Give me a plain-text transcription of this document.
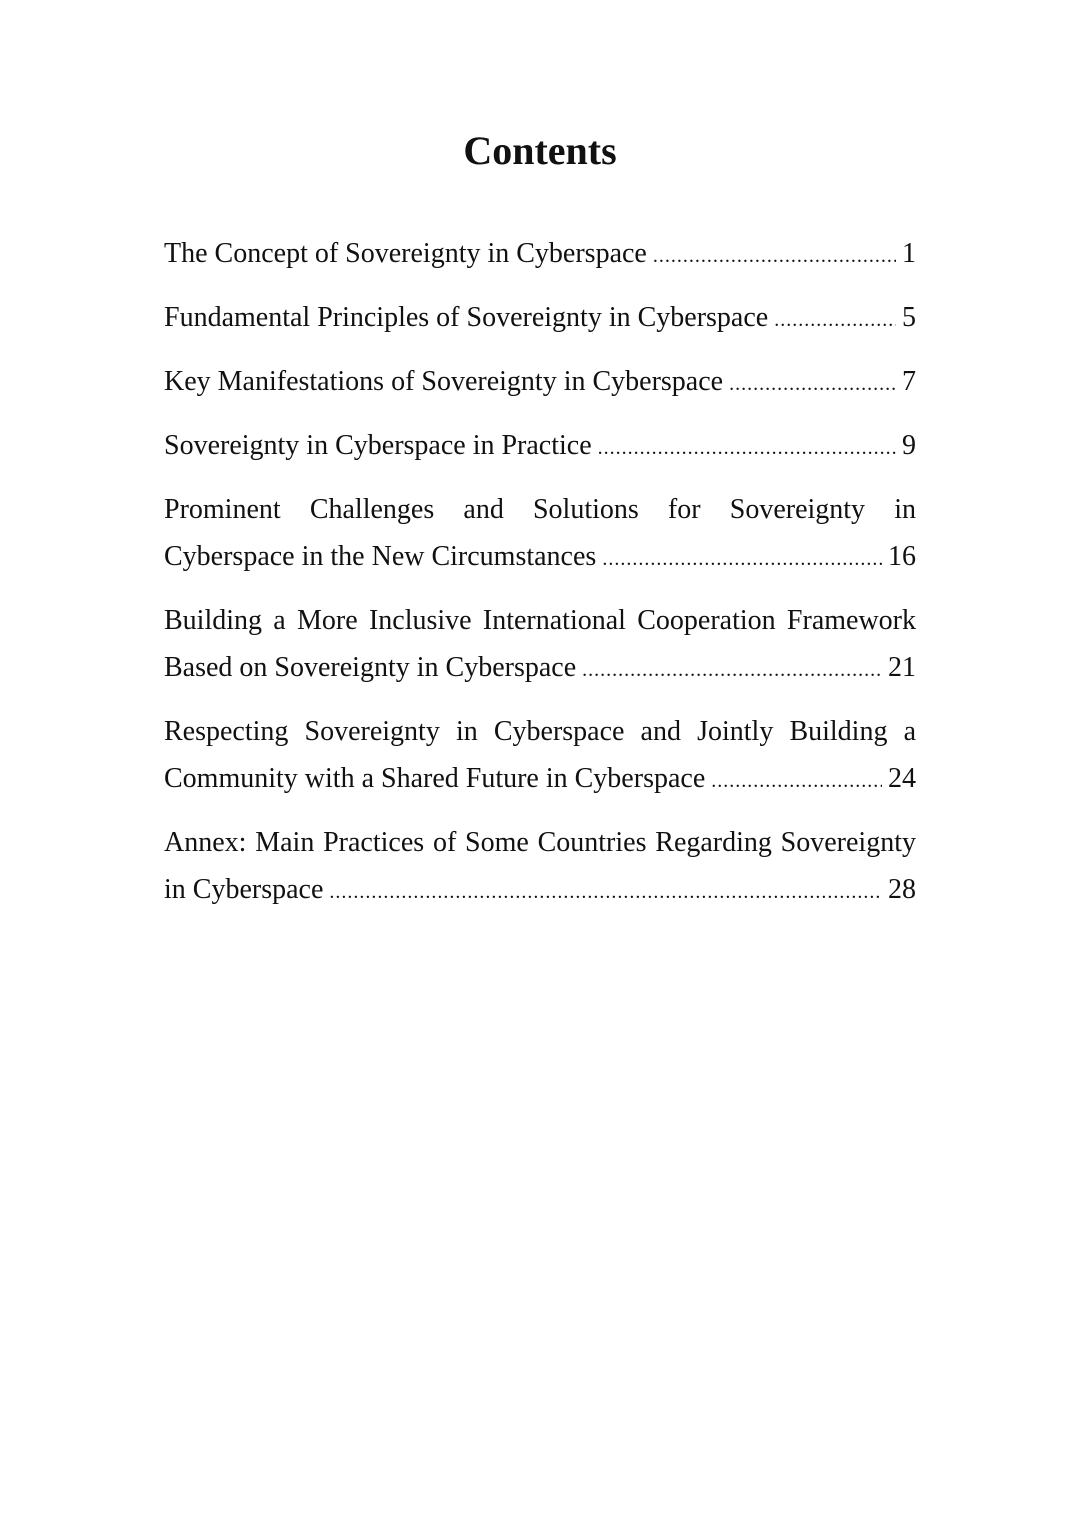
Contents
The Concept of Sovereignty in Cyberspace .....	1
Fundamental Principles of Sovereignty in Cyberspace .....	5
Key Manifestations of Sovereignty in Cyberspace .....	7
Sovereignty in Cyberspace in Practice .....	9
Prominent Challenges and Solutions for Sovereignty in
Cyberspace in the New Circumstances .....	16
Building a More Inclusive International Cooperation Framework
Based on Sovereignty in Cyberspace .....	21
Respecting Sovereignty in Cyberspace and Jointly Building a
Community with a Shared Future in Cyberspace .....	24
Annex: Main Practices of Some Countries Regarding Sovereignty
in Cyberspace .....	28
